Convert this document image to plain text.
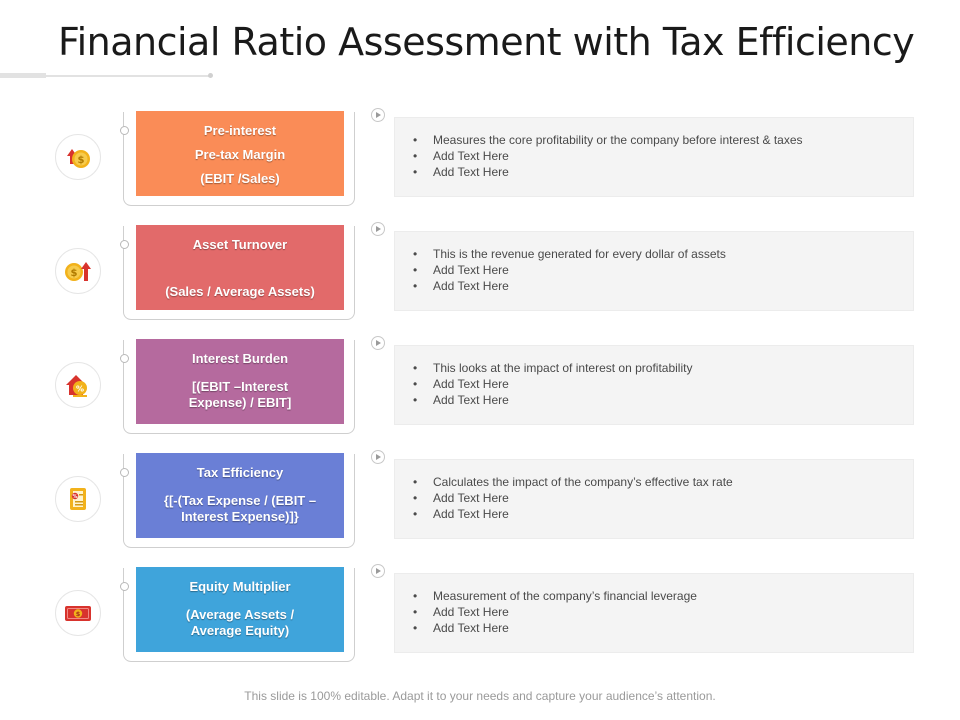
Financial Ratio Assessment with Tax Efficiency
$
Pre-interest
Pre-tax Margin
(EBIT /Sales)
• Measures the core profitability or the company before interest & taxes
• Add Text Here
• Add Text Here
$
Asset Turnover
(Sales / Average Assets)
• This is the revenue generated for every dollar of assets
• Add Text Here
• Add Text Here
%
Interest Burden
[(EBIT –Interest Expense) / EBIT]
• This looks at the impact of interest on profitability
• Add Text Here
• Add Text Here
%
Tax Efficiency
{[-(Tax Expense / (EBIT – Interest Expense)]}
• Calculates the impact of the company’s effective tax rate
• Add Text Here
• Add Text Here
$
Equity Multiplier
(Average Assets / Average Equity)
• Measurement of the company’s financial leverage
• Add Text Here
• Add Text Here
This slide is 100% editable. Adapt it to your needs and capture your audience’s attention.
